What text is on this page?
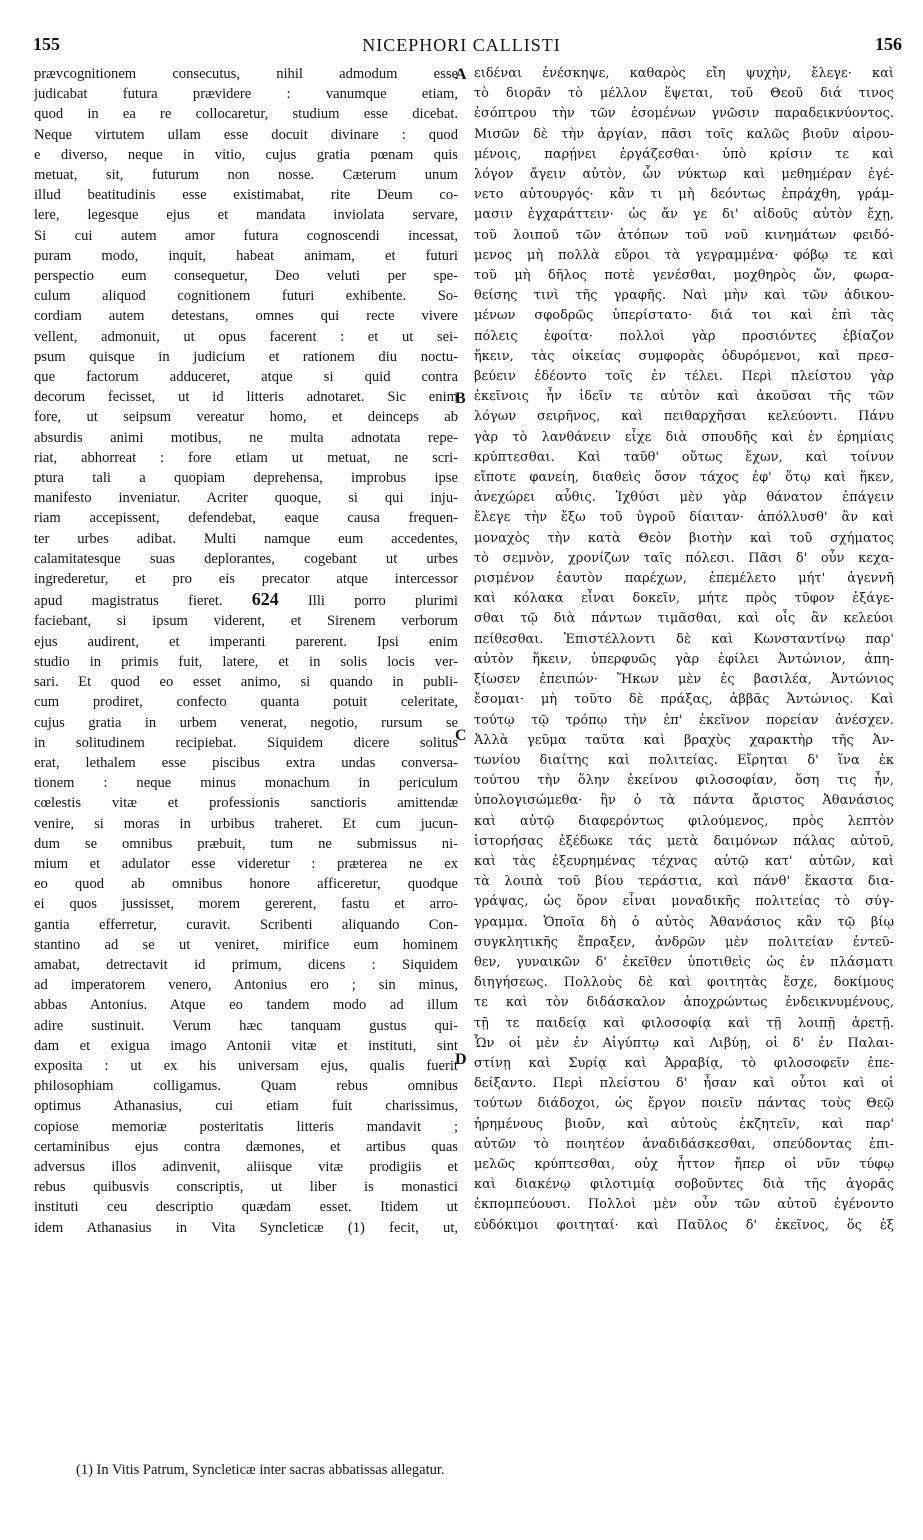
155	NICEPHORI CALLISTI	156
prævcognitionem consecutus, nihil admodum esse
judicabat futura prævidere : vanumque etiam,
quod in ea re collocaretur, studium esse dicebat.
Neque virtutem ullam esse docuit divinare : quod
e diverso, neque in vitio, cujus gratia pœnam quis
metuat, sit, futurum non nosse. Cæterum unum
illud beatitudinis esse existimabat, rite Deum co-
lere, legesque ejus et mandata inviolata servare,
Si cui autem amor futura cognoscendi incessat,
puram modo, inquit, habeat animam, et futuri
perspectio eum consequetur, Deo veluti per spe-
culum aliquod cognitionem futuri exhibente. So-
cordiam autem detestans, omnes qui recte vivere
vellent, admonuit, ut opus facerent : et ut sei-
psum quisque in judicium et rationem diu noctu-
que factorum adduceret, atque si quid contra
decorum fecisset, ut id litteris adnotaret. Sic enim
fore, ut seipsum vereatur homo, et deinceps ab
absurdis animi motibus, ne multa adnotata repe-
riat, abhorreat : fore etiam ut metuat, ne scri-
ptura tali a quopiam deprehensa, improbus ipse
manifesto inveniatur. Acriter quoque, si qui inju-
riam accepissent, defendebat, eaque causa frequen-
ter urbes adibat. Multi namque eum accedentes,
calamitatesque suas deplorantes, cogebant ut urbes
ingrederetur, et pro eis precator atque intercessor
apud magistratus fieret. 624 Illi porro plurimi
faciebant, si ipsum viderent, et Sirenem verborum
ejus audirent, et imperanti parerent. Ipsi enim
studio in primis fuit, latere, et in solis locis ver-
sari. Et quod eo esset animo, si quando in publi-
cum prodiret, confecto quanta potuit celeritate,
cujus gratia in urbem venerat, negotio, rursum se
in solitudinem recipiebat. Siquidem dicere solitus
erat, lethalem esse piscibus extra undas conversa-
tionem : neque minus monachum in periculum
cœlestis vitæ et professionis sanctioris amittendæ
venire, si moras in urbibus traheret. Et cum jucun-
dum se omnibus præbuit, tum ne submissus ni-
mium et adulator esse videretur : præterea ne ex
eo quod ab omnibus honore afficeretur, quodque
ei quos jussisset, morem gererent, fastu et arro-
gantia efferretur, curavit. Scribenti aliquando Con-
stantino ad se ut veniret, mirifice eum hominem
amabat, detrectavit id primum, dicens : Siquidem
ad imperatorem venero, Antonius ero ; sin minus,
abbas Antonius. Atque eo tandem modo ad illum
adire sustinuit. Verum hæc tanquam gustus qui-
dam et exigua imago Antonii vitæ et instituti, sint
exposita : ut ex his universam ejus, qualis fuerit
philosophiam colligamus. Quam rebus omnibus
optimus Athanasius, cui etiam fuit charissimus,
copiose memoriæ posteritatis litteris mandavit ;
certaminibus ejus contra dæmones, et artibus quas
adversus illos adinvenit, aliisque vitæ prodigiis et
rebus quibusvis conscriptis, ut liber is monastici
instituti ceu descriptio quædam esset. Itidem ut
idem Athanasius in Vita Syncleticæ (1) fecit, ut,
ειδέναι ἐνέσκηψε, καθαρὸς εἴη ψυχὴν, ἔλεγε· καὶ
τὸ διορᾶν τὸ μέλλον ἕψεται, τοῦ Θεοῦ διά τινος
ἐσόπτρου τὴν τῶν ἐσομένων γνῶσιν παραδεικνύοντος.
Μισῶν δὲ τὴν ἀργίαν, πᾶσι τοῖς καλῶς βιοῦν αἱρου-
μένοις, παρῄνει ἐργάζεσθαι· ὑπὸ κρίσιν τε καὶ
λόγον ἄγειν αὐτὸν, ὧν νύκτωρ καὶ μεθημέραν ἐγέ-
νετο αὐτουργός· κἂν τι μὴ δεόντως ἐπράχθη, γράμ-
μασιν ἐγχαράττειν· ὡς ἄν γε δι' αἰδοῦς αὐτὸν ἔχῃ,
τοῦ λοιποῦ τῶν ἀτόπων τοῦ νοῦ κινημάτων φειδό-
μενος μὴ πολλὰ εὕροι τὰ γεγραμμένα· φόβῳ τε καὶ
τοῦ μὴ δῆλος ποτὲ γενέσθαι, μοχθηρὸς ὤν, φωρα-
θείσης τινὶ τῆς γραφῆς. Ναὶ μὴν καὶ τῶν ἀδικου-
μένων σφοδρῶς ὑπερίστατο· διά τοι καὶ ἐπὶ τὰς
πόλεις ἐφοίτα· πολλοὶ γὰρ προσιόντες ἐβίαζον
ἥκειν, τὰς οἰκείας συμφορὰς ὀδυρόμενοι, καὶ πρεσ-
βεύειν ἐδέοντο τοῖς ἐν τέλει. Περὶ πλείστου γὰρ
ἐκεῖνοις ἦν ἰδεῖν τε αὐτὸν καὶ ἀκοῦσαι τῆς τῶν
λόγων σειρῆνος, καὶ πειθαρχῆσαι κελεύοντι. Πάνυ
γὰρ τὸ λανθάνειν εἶχε διὰ σπουδῆς καὶ ἐν ἐρημίαις
κρύπτεσθαι. Καὶ ταῦθ' οὕτως ἔχων, καὶ τοίνυν
εἴποτε φανείη, διαθεὶς ὅσον τάχος ἐφ' ὅτῳ καὶ ἥκεν,
ἀνεχώρει αὖθις. Ἰχθύσι μὲν γὰρ θάνατον ἐπάγειν
ἔλεγε τὴν ἔξω τοῦ ὑγροῦ δίαιταν· ἀπόλλυσθ' ἂν καὶ
μοναχὸς τὴν κατὰ Θεὸν βιοτὴν καὶ τοῦ σχήματος
τὸ σεμνὸν, χρονίζων ταῖς πόλεσι. Πᾶσι δ' οὖν κεχα-
ρισμένον ἑαυτὸν παρέχων, ἐπεμέλετο μήτ' ἀγεννῆ
καὶ κόλακα εἶναι δοκεῖν, μήτε πρὸς τῦφον ἐξάγε-
σθαι τῷ διὰ πάντων τιμᾶσθαι, καὶ οἷς ἂν κελεύοι
πείθεσθαι. Ἐπιστέλλοντι δὲ καὶ Κωνσταντίνῳ παρ'
αὐτὸν ἥκειν, ὑπερφυῶς γὰρ ἐφίλει Ἀντώνιον, ἀπη-
ξίωσεν ἐπειπών· Ἥκων μὲν ἐς βασιλέα, Ἀντώνιος
ἔσομαι· μὴ τοῦτο δὲ πράξας, ἀββᾶς Ἀντώνιος. Καὶ
τούτῳ τῷ τρόπῳ τὴν ἐπ' ἐκεῖνον πορείαν ἀνέσχεν.
Ἀλλὰ γεῦμα ταῦτα καὶ βραχὺς χαρακτὴρ τῆς Ἀν-
τωνίου διαίτης καὶ πολιτείας. Εἴρηται δ' ἵνα ἐκ
τούτου τὴν ὅλην ἐκείνου φιλοσοφίαν, ὅση τις ἦν,
ὑπολογισώμεθα· ἣν ὁ τὰ πάντα ἄριστος Ἀθανάσιος
καὶ αὐτῷ διαφερόντως φιλούμενος, πρὸς λεπτὸν
ἱστορήσας ἐξέδωκε τάς μετὰ δαιμόνων πάλας αὐτοῦ,
καὶ τὰς ἐξευρημένας τέχνας αὐτῷ κατ' αὐτῶν, καὶ
τὰ λοιπὰ τοῦ βίου τεράστια, καὶ πάνθ' ἕκαστα δια-
γράψας, ὡς ὅρον εἶναι μοναδικῆς πολιτείας τὸ σύγ-
γραμμα. Ὁποῖα δὴ ὁ αὐτὸς Ἀθανάσιος κἂν τῷ βίῳ
συγκλητικῆς ἔπραξεν, ἀνδρῶν μὲν πολιτείαν ἐντεῦ-
θεν, γυναικῶν δ' ἐκεῖθεν ὑποτιθεὶς ὡς ἐν πλάσματι
διηγήσεως. Πολλοὺς δὲ καὶ φοιτητὰς ἔσχε, δοκίμους
τε καὶ τὸν διδάσκαλον ἀποχρώντως ἐνδεικνυμένους,
τῇ τε παιδείᾳ καὶ φιλοσοφίᾳ καὶ τῇ λοιπῇ ἀρετῇ.
Ὧν οἱ μὲν ἐν Αἰγύπτῳ καὶ Λιβύῃ, οἱ δ' ἐν Παλαι-
στίνῃ καὶ Συρίᾳ καὶ Ἀρραβίᾳ, τὸ φιλοσοφεῖν ἐπε-
δείξαντο. Περὶ πλείστου δ' ἦσαν καὶ οὗτοι καὶ οἱ
τούτων διάδοχοι, ὡς ἔργον ποιεῖν πάντας τοὺς Θεῷ
ἠρημένους βιοῦν, καὶ αὐτοὺς ἐκζητεῖν, καὶ παρ'
αὐτῶν τὸ ποιητέον ἀναδιδάσκεσθαι, σπεύδοντας ἐπι-
μελῶς κρύπτεσθαι, οὐχ ἧττον ἤπερ οἱ νῦν τύφῳ
καὶ διακένῳ φιλοτιμίᾳ σοβοῦντες διὰ τῆς ἀγορᾶς
ἐκπομπεύουσι. Πολλοὶ μὲν οὖν τῶν αὐτοῦ ἐγένοντο
εὐδόκιμοι φοιτηταί· καὶ Παῦλος δ' ἐκεῖνος, ὅς ἐξ
A
B
C
D
(1) In Vitis Patrum, Syncleticæ inter sacras abbatissas allegatur.
